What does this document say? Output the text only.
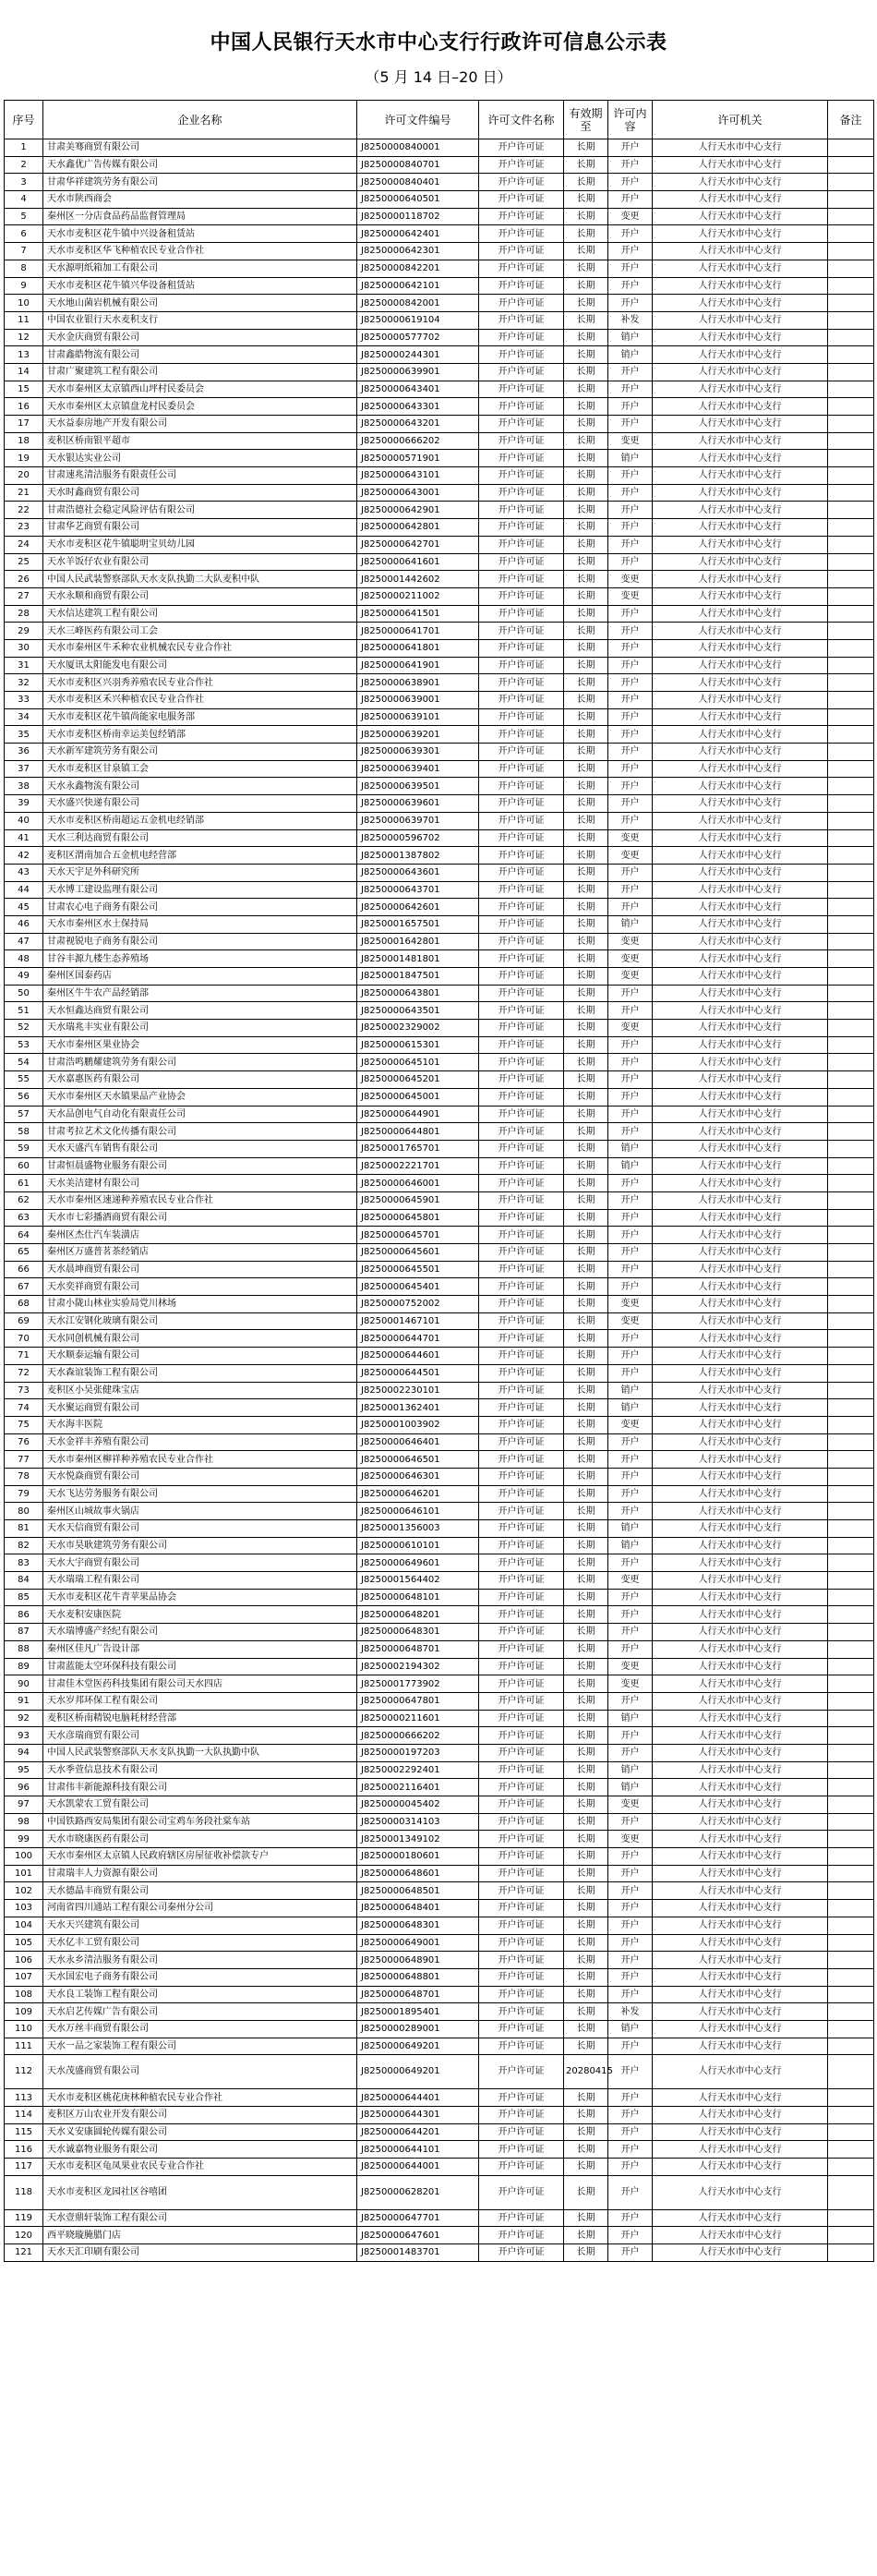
中国人民银行天水市中心支行行政许可信息公示表
（5 月 14 日–20 日）
序号	企业名称	许可文件编号	许可文件名称	有效期至	许可内容	许可机关	备注
1	甘肃美骞商贸有限公司	J8250000840001	开户许可证	长期	开户	人行天水市中心支行	
2	天水鑫优广告传媒有限公司	J8250000840701	开户许可证	长期	开户	人行天水市中心支行	
3	甘肃华祥建筑劳务有限公司	J8250000840401	开户许可证	长期	开户	人行天水市中心支行	
4	天水市陕西商会	J8250000640501	开户许可证	长期	开户	人行天水市中心支行	
5	秦州区一分店食品药品监督管理局	J8250000118702	开户许可证	长期	变更	人行天水市中心支行	
6	天水市麦积区花牛镇中兴设备租赁站	J8250000642401	开户许可证	长期	开户	人行天水市中心支行	
7	天水市麦积区华飞种植农民专业合作社	J8250000642301	开户许可证	长期	开户	人行天水市中心支行	
8	天水源明纸箱加工有限公司	J8250000842201	开户许可证	长期	开户	人行天水市中心支行	
9	天水市麦积区花牛镇兴华设备租赁站	J8250000642101	开户许可证	长期	开户	人行天水市中心支行	
10	天水地山菌岩机械有限公司	J8250000842001	开户许可证	长期	开户	人行天水市中心支行	
11	中国农业银行天水麦积支行	J8250000619104	开户许可证	长期	补发	人行天水市中心支行	
12	天水金庆商贸有限公司	J8250000577702	开户许可证	长期	销户	人行天水市中心支行	
13	甘肃鑫皓物流有限公司	J8250000244301	开户许可证	长期	销户	人行天水市中心支行	
14	甘肃广聚建筑工程有限公司	J8250000639901	开户许可证	长期	开户	人行天水市中心支行	
15	天水市秦州区太京镇西山坪村民委员会	J8250000643401	开户许可证	长期	开户	人行天水市中心支行	
16	天水市秦州区太京镇盘龙村民委员会	J8250000643301	开户许可证	长期	开户	人行天水市中心支行	
17	天水益泰房地产开发有限公司	J8250000643201	开户许可证	长期	开户	人行天水市中心支行	
18	麦积区桥南银平超市	J8250000666202	开户许可证	长期	变更	人行天水市中心支行	
19	天水银达实业公司	J8250000571901	开户许可证	长期	销户	人行天水市中心支行	
20	甘肃速兆清洁服务有限责任公司	J8250000643101	开户许可证	长期	开户	人行天水市中心支行	
21	天水时鑫商贸有限公司	J8250000643001	开户许可证	长期	开户	人行天水市中心支行	
22	甘肃浩德社会稳定风险评估有限公司	J8250000642901	开户许可证	长期	开户	人行天水市中心支行	
23	甘肃华艺商贸有限公司	J8250000642801	开户许可证	长期	开户	人行天水市中心支行	
24	天水市麦积区花牛镇聪明宝贝幼儿园	J8250000642701	开户许可证	长期	开户	人行天水市中心支行	
25	天水羊饭仔农业有限公司	J8250000641601	开户许可证	长期	开户	人行天水市中心支行	
26	中国人民武装警察部队天水支队执勤二大队麦积中队	J8250001442602	开户许可证	长期	变更	人行天水市中心支行	
27	天水永顺和商贸有限公司	J8250000211002	开户许可证	长期	变更	人行天水市中心支行	
28	天水信达建筑工程有限公司	J8250000641501	开户许可证	长期	开户	人行天水市中心支行	
29	天水三峰医药有限公司工会	J8250000641701	开户许可证	长期	开户	人行天水市中心支行	
30	天水市秦州区牛禾种农业机械农民专业合作社	J8250000641801	开户许可证	长期	开户	人行天水市中心支行	
31	天水厦讯太阳能发电有限公司	J8250000641901	开户许可证	长期	开户	人行天水市中心支行	
32	天水市麦积区兴羽秀养殖农民专业合作社	J8250000638901	开户许可证	长期	开户	人行天水市中心支行	
33	天水市麦积区禾兴种植农民专业合作社	J8250000639001	开户许可证	长期	开户	人行天水市中心支行	
34	天水市麦积区花牛镇尚能家电服务部	J8250000639101	开户许可证	长期	开户	人行天水市中心支行	
35	天水市麦积区桥南幸运美包经销部	J8250000639201	开户许可证	长期	开户	人行天水市中心支行	
36	天水新军建筑劳务有限公司	J8250000639301	开户许可证	长期	开户	人行天水市中心支行	
37	天水市麦积区甘泉镇工会	J8250000639401	开户许可证	长期	开户	人行天水市中心支行	
38	天水永鑫物流有限公司	J8250000639501	开户许可证	长期	开户	人行天水市中心支行	
39	天水盛兴快递有限公司	J8250000639601	开户许可证	长期	开户	人行天水市中心支行	
40	天水市麦积区桥南超运五金机电经销部	J8250000639701	开户许可证	长期	开户	人行天水市中心支行	
41	天水三利达商贸有限公司	J8250000596702	开户许可证	长期	变更	人行天水市中心支行	
42	麦积区渭南加合五金机电经营部	J8250001387802	开户许可证	长期	变更	人行天水市中心支行	
43	天水天宇足外科研究所	J8250000643601	开户许可证	长期	开户	人行天水市中心支行	
44	天水博工建设监理有限公司	J8250000643701	开户许可证	长期	开户	人行天水市中心支行	
45	甘肃农心电子商务有限公司	J8250000642601	开户许可证	长期	开户	人行天水市中心支行	
46	天水市秦州区水土保持局	J8250001657501	开户许可证	长期	销户	人行天水市中心支行	
47	甘肃视锐电子商务有限公司	J8250001642801	开户许可证	长期	变更	人行天水市中心支行	
48	甘谷丰源九楼生态养殖场	J8250001481801	开户许可证	长期	变更	人行天水市中心支行	
49	秦州区国泰药店	J8250001847501	开户许可证	长期	变更	人行天水市中心支行	
50	秦州区牛牛农产品经销部	J8250000643801	开户许可证	长期	开户	人行天水市中心支行	
51	天水恒鑫达商贸有限公司	J8250000643501	开户许可证	长期	开户	人行天水市中心支行	
52	天水瑞兆丰实业有限公司	J8250002329002	开户许可证	长期	变更	人行天水市中心支行	
53	天水市秦州区果业协会	J8250000615301	开户许可证	长期	开户	人行天水市中心支行	
54	甘肃浩鸣鹏耀建筑劳务有限公司	J8250000645101	开户许可证	长期	开户	人行天水市中心支行	
55	天水嘉惠医药有限公司	J8250000645201	开户许可证	长期	开户	人行天水市中心支行	
56	天水市秦州区天水镇果品产业协会	J8250000645001	开户许可证	长期	开户	人行天水市中心支行	
57	天水品创电气自动化有限责任公司	J8250000644901	开户许可证	长期	开户	人行天水市中心支行	
58	甘肃考拉艺术文化传播有限公司	J8250000644801	开户许可证	长期	开户	人行天水市中心支行	
59	天水天盛汽车销售有限公司	J8250001765701	开户许可证	长期	销户	人行天水市中心支行	
60	甘肃恒晨盛物业服务有限公司	J8250002221701	开户许可证	长期	销户	人行天水市中心支行	
61	天水美洁建材有限公司	J8250000646001	开户许可证	长期	开户	人行天水市中心支行	
62	天水市秦州区速递种养殖农民专业合作社	J8250000645901	开户许可证	长期	开户	人行天水市中心支行	
63	天水市七彩播酒商贸有限公司	J8250000645801	开户许可证	长期	开户	人行天水市中心支行	
64	秦州区杰仕汽车装潢店	J8250000645701	开户许可证	长期	开户	人行天水市中心支行	
65	秦州区万盛普茗茶经销店	J8250000645601	开户许可证	长期	开户	人行天水市中心支行	
66	天水晨坤商贸有限公司	J8250000645501	开户许可证	长期	开户	人行天水市中心支行	
67	天水奕祥商贸有限公司	J8250000645401	开户许可证	长期	开户	人行天水市中心支行	
68	甘肃小陇山林业实验局党川林场	J8250000752002	开户许可证	长期	变更	人行天水市中心支行	
69	天水江安钢化玻璃有限公司	J8250001467101	开户许可证	长期	变更	人行天水市中心支行	
70	天水同创机械有限公司	J8250000644701	开户许可证	长期	开户	人行天水市中心支行	
71	天水顺泰运输有限公司	J8250000644601	开户许可证	长期	开户	人行天水市中心支行	
72	天水森谊装饰工程有限公司	J8250000644501	开户许可证	长期	开户	人行天水市中心支行	
73	麦积区小吴张健珠宝店	J8250002230101	开户许可证	长期	销户	人行天水市中心支行	
74	天水聚运商贸有限公司	J8250001362401	开户许可证	长期	销户	人行天水市中心支行	
75	天水海丰医院	J8250001003902	开户许可证	长期	变更	人行天水市中心支行	
76	天水金祥丰养殖有限公司	J8250000646401	开户许可证	长期	开户	人行天水市中心支行	
77	天水市秦州区柳祥种养殖农民专业合作社	J8250000646501	开户许可证	长期	开户	人行天水市中心支行	
78	天水悦焱商贸有限公司	J8250000646301	开户许可证	长期	开户	人行天水市中心支行	
79	天水飞达劳务服务有限公司	J8250000646201	开户许可证	长期	开户	人行天水市中心支行	
80	秦州区山城故事火锅店	J8250000646101	开户许可证	长期	开户	人行天水市中心支行	
81	天水天信商贸有限公司	J8250001356003	开户许可证	长期	销户	人行天水市中心支行	
82	天水市昊耿建筑劳务有限公司	J8250000610101	开户许可证	长期	销户	人行天水市中心支行	
83	天水大宇商贸有限公司	J8250000649601	开户许可证	长期	开户	人行天水市中心支行	
84	天水瑞瑞工程有限公司	J8250001564402	开户许可证	长期	变更	人行天水市中心支行	
85	天水市麦积区花牛青苹果品协会	J8250000648101	开户许可证	长期	开户	人行天水市中心支行	
86	天水麦积安康医院	J8250000648201	开户许可证	长期	开户	人行天水市中心支行	
87	天水瑞博盛产经纪有限公司	J8250000648301	开户许可证	长期	开户	人行天水市中心支行	
88	秦州区佳凡广告设计部	J8250000648701	开户许可证	长期	开户	人行天水市中心支行	
89	甘肃蓝能太空环保科技有限公司	J8250002194302	开户许可证	长期	变更	人行天水市中心支行	
90	甘肃佳木堂医药科技集团有限公司天水四店	J8250001773902	开户许可证	长期	变更	人行天水市中心支行	
91	天水岁邦环保工程有限公司	J8250000647801	开户许可证	长期	开户	人行天水市中心支行	
92	麦积区桥南精锐电脑耗材经营部	J8250000211601	开户许可证	长期	销户	人行天水市中心支行	
93	天水彦瑞商贸有限公司	J8250000666202	开户许可证	长期	开户	人行天水市中心支行	
94	中国人民武装警察部队天水支队执勤一大队执勤中队	J8250000197203	开户许可证	长期	开户	人行天水市中心支行	
95	天水季萱信息技术有限公司	J8250002292401	开户许可证	长期	销户	人行天水市中心支行	
96	甘肃伟丰新能源科技有限公司	J8250002116401	开户许可证	长期	销户	人行天水市中心支行	
97	天水凯蒙农工贸有限公司	J8250000045402	开户许可证	长期	变更	人行天水市中心支行	
98	中国铁路西安局集团有限公司宝鸡车务段社棠车站	J8250000314103	开户许可证	长期	开户	人行天水市中心支行	
99	天水市晓康医药有限公司	J8250001349102	开户许可证	长期	变更	人行天水市中心支行	
100	天水市秦州区太京镇人民政府辖区房屋征收补偿款专户	J8250000180601	开户许可证	长期	开户	人行天水市中心支行	
101	甘肃瑞丰人力资源有限公司	J8250000648601	开户许可证	长期	开户	人行天水市中心支行	
102	天水德晶丰商贸有限公司	J8250000648501	开户许可证	长期	开户	人行天水市中心支行	
103	河南省四川通站工程有限公司秦州分公司	J8250000648401	开户许可证	长期	开户	人行天水市中心支行	
104	天水天兴建筑有限公司	J8250000648301	开户许可证	长期	开户	人行天水市中心支行	
105	天水亿丰工贸有限公司	J8250000649001	开户许可证	长期	开户	人行天水市中心支行	
106	天水永乡清洁服务有限公司	J8250000648901	开户许可证	长期	开户	人行天水市中心支行	
107	天水国宏电子商务有限公司	J8250000648801	开户许可证	长期	开户	人行天水市中心支行	
108	天水良工装饰工程有限公司	J8250000648701	开户许可证	长期	开户	人行天水市中心支行	
109	天水启艺传媒广告有限公司	J8250001895401	开户许可证	长期	补发	人行天水市中心支行	
110	天水万丝丰商贸有限公司	J8250000289001	开户许可证	长期	销户	人行天水市中心支行	
111	天水一品之家装饰工程有限公司	J8250000649201	开户许可证	长期	开户	人行天水市中心支行	
112	天水茂盛商贸有限公司	J8250000649201	开户许可证	20280415	开户	人行天水市中心支行	
113	天水市麦积区桃花庚林种植农民专业合作社	J8250000644401	开户许可证	长期	开户	人行天水市中心支行	
114	麦积区万山农业开发有限公司	J8250000644301	开户许可证	长期	开户	人行天水市中心支行	
115	天水义安康圆轮传媒有限公司	J8250000644201	开户许可证	长期	开户	人行天水市中心支行	
116	天水诚嘉物业服务有限公司	J8250000644101	开户许可证	长期	开户	人行天水市中心支行	
117	天水市麦积区龟凤果业农民专业合作社	J8250000644001	开户许可证	长期	开户	人行天水市中心支行	
118	天水市麦积区龙园社区谷嘻团	J8250000628201	开户许可证	长期	开户	人行天水市中心支行	
119	天水壹鼎轩装饰工程有限公司	J8250000647701	开户许可证	长期	开户	人行天水市中心支行	
120	西平晓璇腌腊门店	J8250000647601	开户许可证	长期	开户	人行天水市中心支行	
121	天水天汇印刷有限公司	J8250001483701	开户许可证	长期	开户	人行天水市中心支行	
